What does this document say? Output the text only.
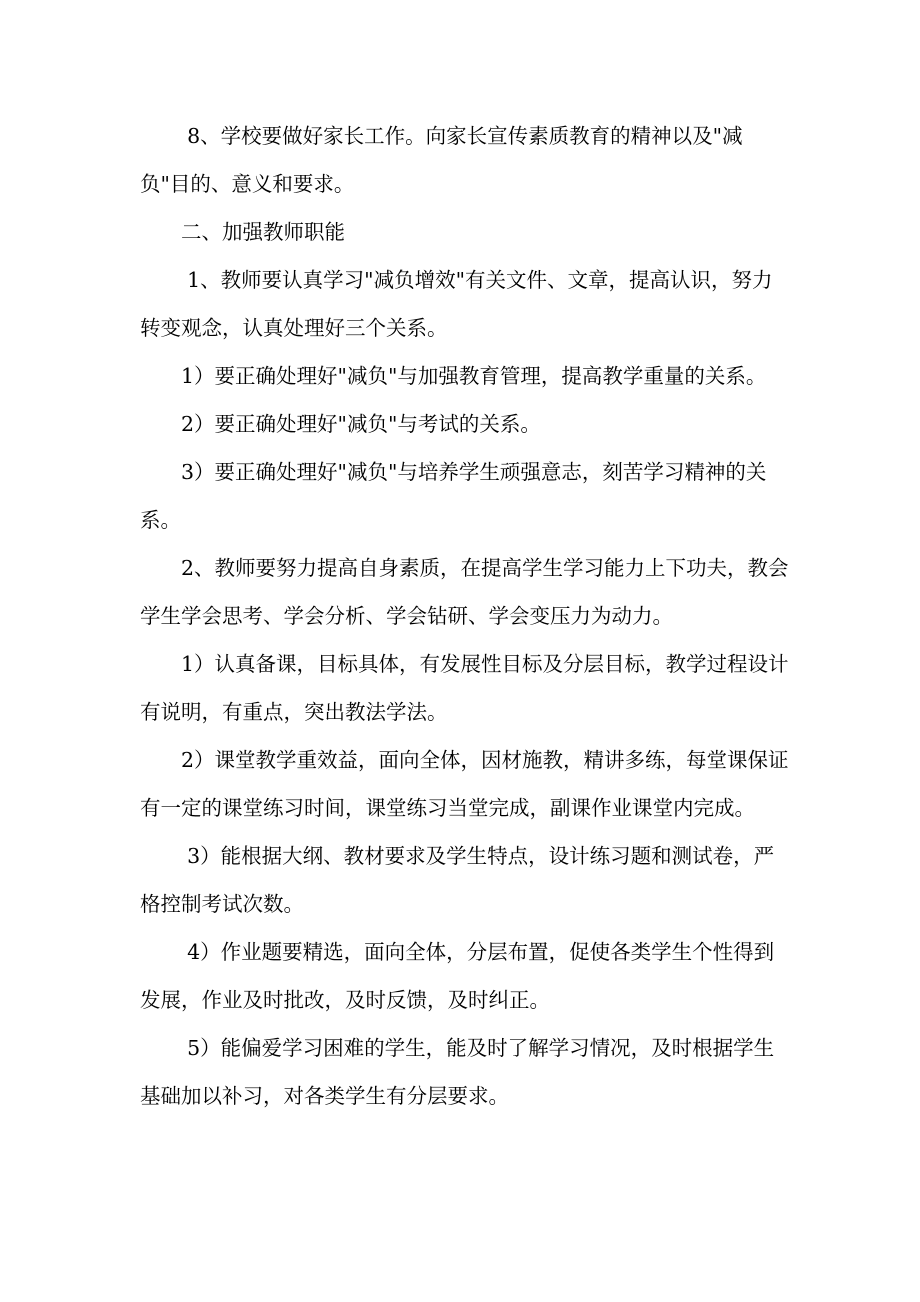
8、学校要做好家长工作。向家长宣传素质教育的精神以及"减负"目的、意义和要求。

二、加强教师职能

1、教师要认真学习"减负增效"有关文件、文章，提高认识，努力转变观念，认真处理好三个关系。

1）要正确处理好"减负"与加强教育管理，提高教学重量的关系。

2）要正确处理好"减负"与考试的关系。

3）要正确处理好"减负"与培养学生顽强意志，刻苦学习精神的关系。

2、教师要努力提高自身素质，在提高学生学习能力上下功夫，教会学生学会思考、学会分析、学会钻研、学会变压力为动力。

1）认真备课，目标具体，有发展性目标及分层目标，教学过程设计有说明，有重点，突出教法学法。

2）课堂教学重效益，面向全体，因材施教，精讲多练，每堂课保证有一定的课堂练习时间，课堂练习当堂完成，副课作业课堂内完成。

3）能根据大纲、教材要求及学生特点，设计练习题和测试卷，严格控制考试次数。

4）作业题要精选，面向全体，分层布置，促使各类学生个性得到发展，作业及时批改，及时反馈，及时纠正。

5）能偏爱学习困难的学生，能及时了解学习情况，及时根据学生基础加以补习，对各类学生有分层要求。
